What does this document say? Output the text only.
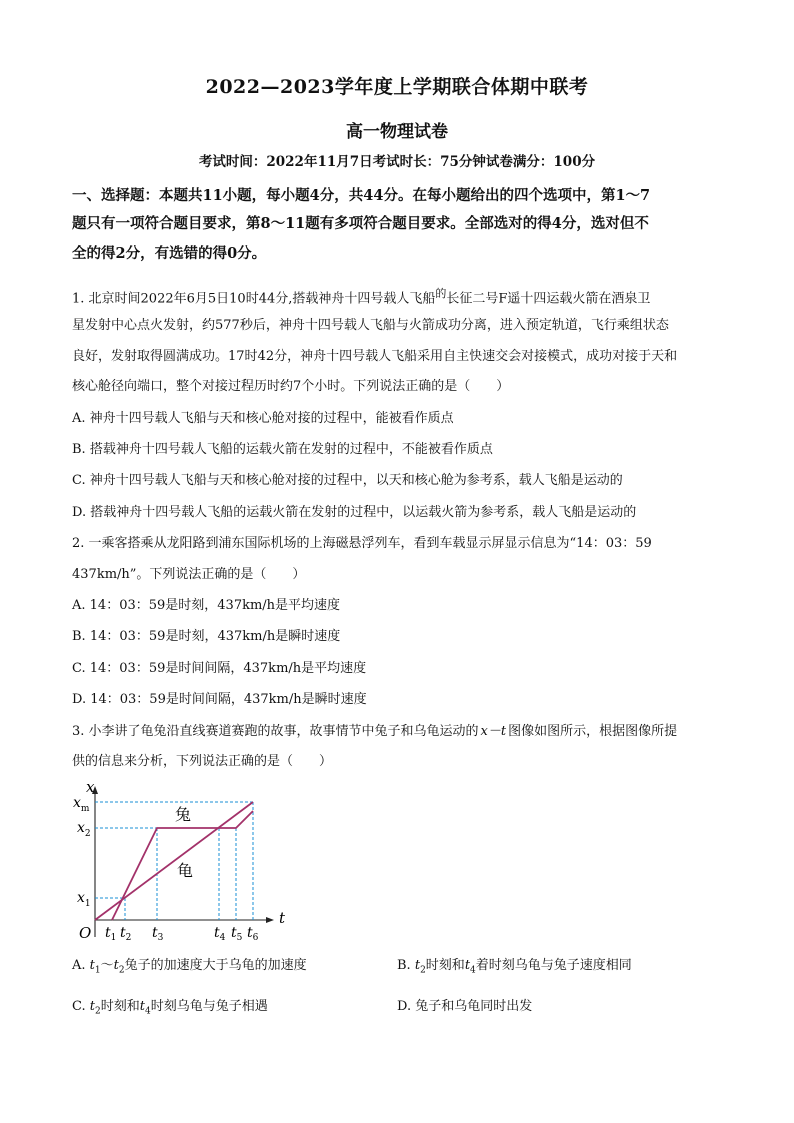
2022—2023学年度上学期联合体期中联考
高一物理试卷
考试时间：2022年11月7日考试时长：75分钟试卷满分：100分
一、选择题：本题共11小题，每小题4分，共44分。在每小题给出的四个选项中，第1～7
题只有一项符合题目要求，第8～11题有多项符合题目要求。全部选对的得4分，选对但不
全的得2分，有选错的得0分。
1. 北京时间2022年6月5日10时44分,搭载神舟十四号载人飞船$^的$长征二号F遥十四运载火箭在酒泉卫
星发射中心点火发射，约577秒后，神舟十四号载人飞船与火箭成功分离，进入预定轨道，飞行乘组状态
良好，发射取得圆满成功。17时42分，神舟十四号载人飞船采用自主快速交会对接模式，成功对接于天和
核心舱径向端口，整个对接过程历时约7个小时。下列说法正确的是（　　）
A. 神舟十四号载人飞船与天和核心舱对接的过程中，能被看作质点
B. 搭载神舟十四号载人飞船的运载火箭在发射的过程中，不能被看作质点
C. 神舟十四号载人飞船与天和核心舱对接的过程中，以天和核心舱为参考系，载人飞船是运动的
D. 搭载神舟十四号载人飞船的运载火箭在发射的过程中，以运载火箭为参考系，载人飞船是运动的
2. 一乘客搭乘从龙阳路到浦东国际机场的上海磁悬浮列车，看到车载显示屏显示信息为“14：03：59
437km/h”。下列说法正确的是（　　）
A. 14：03：59是时刻，437km/h是平均速度
B. 14：03：59是时刻，437km/h是瞬时速度
C. 14：03：59是时间间隔，437km/h是平均速度
D. 14：03：59是时间间隔，437km/h是瞬时速度
3. 小李讲了龟兔沿直线赛道赛跑的故事，故事情节中兔子和乌龟运动的 x－t 图像如图所示，根据图像所提
供的信息来分析，下列说法正确的是（　　）
兔
龟
x
t
O
$x_m$
$x_2$
$x_1$
$t_1$ $t_2$ $t_3$	$t_4$ $t_5$ $t_6$
A. $t_1\sim t_2$兔子的加速度大于乌龟的加速度	B. $t_2$时刻和$t_4$着时刻乌龟与兔子速度相同
C. $t_2$时刻和$t_4$时刻乌龟与兔子相遇	D. 兔子和乌龟同时出发
